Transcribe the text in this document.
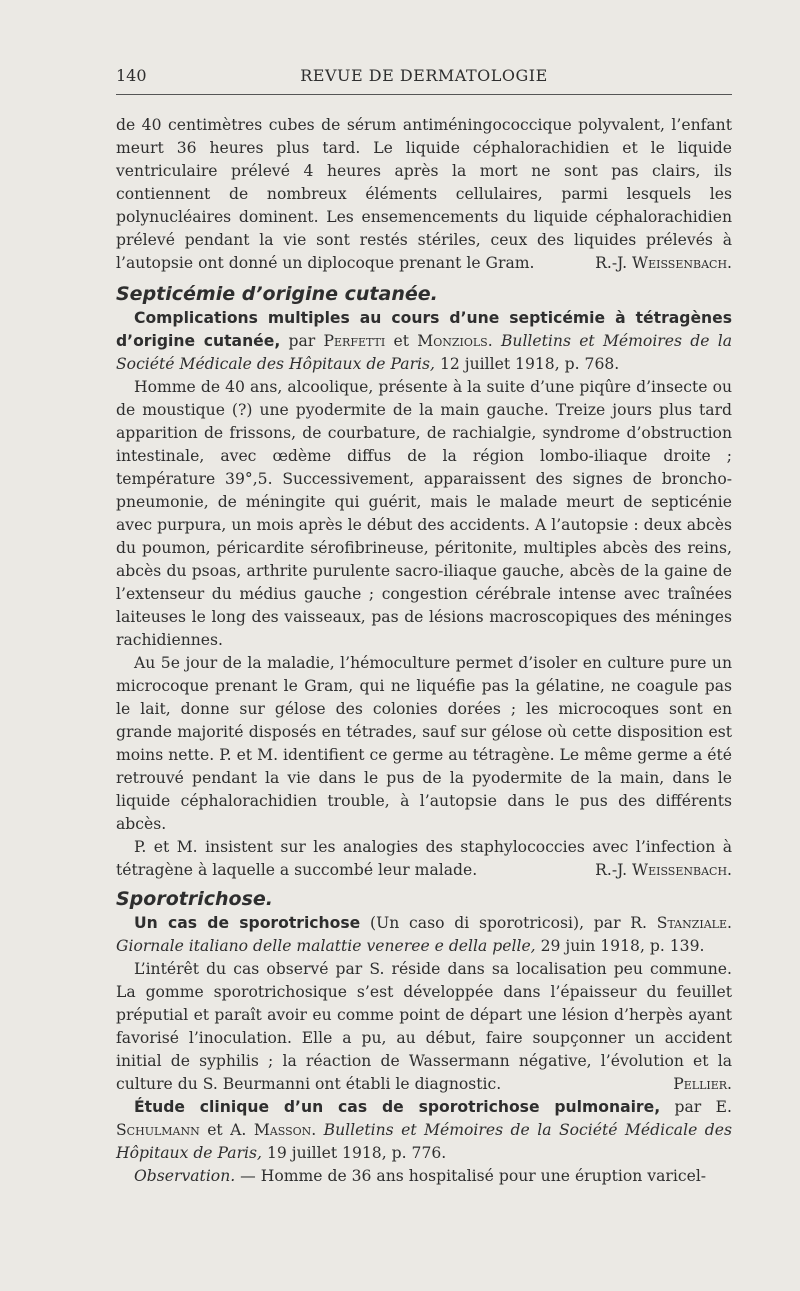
140	REVUE DE DERMATOLOGIE

de 40 centimètres cubes de sérum antiméningococcique polyvalent, l’enfant meurt 36 heures plus tard. Le liquide céphalorachidien et le liquide ventriculaire prélevé 4 heures après la mort ne sont pas clairs, ils contiennent de nombreux éléments cellulaires, parmi lesquels les polynucléaires dominent. Les ensemencements du liquide céphalorachidien prélevé pendant la vie sont restés stériles, ceux des liquides prélevés à l’autopsie ont donné un diplocoque prenant le Gram.	R.-J. Weissenbach.

Septicémie d’origine cutanée.

Complications multiples au cours d’une septicémie à tétragènes d’origine cutanée, par Perfetti et Monziols. Bulletins et Mémoires de la Société Médicale des Hôpitaux de Paris, 12 juillet 1918, p. 768.

Homme de 40 ans, alcoolique, présente à la suite d’une piqûre d’insecte ou de moustique (?) une pyodermite de la main gauche. Treize jours plus tard apparition de frissons, de courbature, de rachialgie, syndrome d’obstruction intestinale, avec œdème diffus de la région lombo-iliaque droite ; température 39°,5. Successivement, apparaissent des signes de broncho-pneumonie, de méningite qui guérit, mais le malade meurt de septicénie avec purpura, un mois après le début des accidents. A l’autopsie : deux abcès du poumon, péricardite sérofibrineuse, péritonite, multiples abcès des reins, abcès du psoas, arthrite purulente sacro-iliaque gauche, abcès de la gaine de l’extenseur du médius gauche ; congestion cérébrale intense avec traînées laiteuses le long des vaisseaux, pas de lésions macroscopiques des méninges rachidiennes.

Au 5e jour de la maladie, l’hémoculture permet d’isoler en culture pure un microcoque prenant le Gram, qui ne liquéfie pas la gélatine, ne coagule pas le lait, donne sur gélose des colonies dorées ; les microcoques sont en grande majorité disposés en tétrades, sauf sur gélose où cette disposition est moins nette. P. et M. identifient ce germe au tétragène. Le même germe a été retrouvé pendant la vie dans le pus de la pyodermite de la main, dans le liquide céphalorachidien trouble, à l’autopsie dans le pus des différents abcès.

P. et M. insistent sur les analogies des staphylococcies avec l’infection à tétragène à laquelle a succombé leur malade.	R.-J. Weissenbach.

Sporotrichose.

Un cas de sporotrichose (Un caso di sporotricosi), par R. Stanziale. Giornale italiano delle malattie veneree e della pelle, 29 juin 1918, p. 139.

L’intérêt du cas observé par S. réside dans sa localisation peu commune. La gomme sporotrichosique s’est développée dans l’épaisseur du feuillet préputial et paraît avoir eu comme point de départ une lésion d’herpès ayant favorisé l’inoculation. Elle a pu, au début, faire soupçonner un accident initial de syphilis ; la réaction de Wassermann négative, l’évolution et la culture du S. Beurmanni ont établi le diagnostic.	Pellier.

Étude clinique d’un cas de sporotrichose pulmonaire, par E. Schulmann et A. Masson. Bulletins et Mémoires de la Société Médicale des Hôpitaux de Paris, 19 juillet 1918, p. 776.

Observation. — Homme de 36 ans hospitalisé pour une éruption varicel-
